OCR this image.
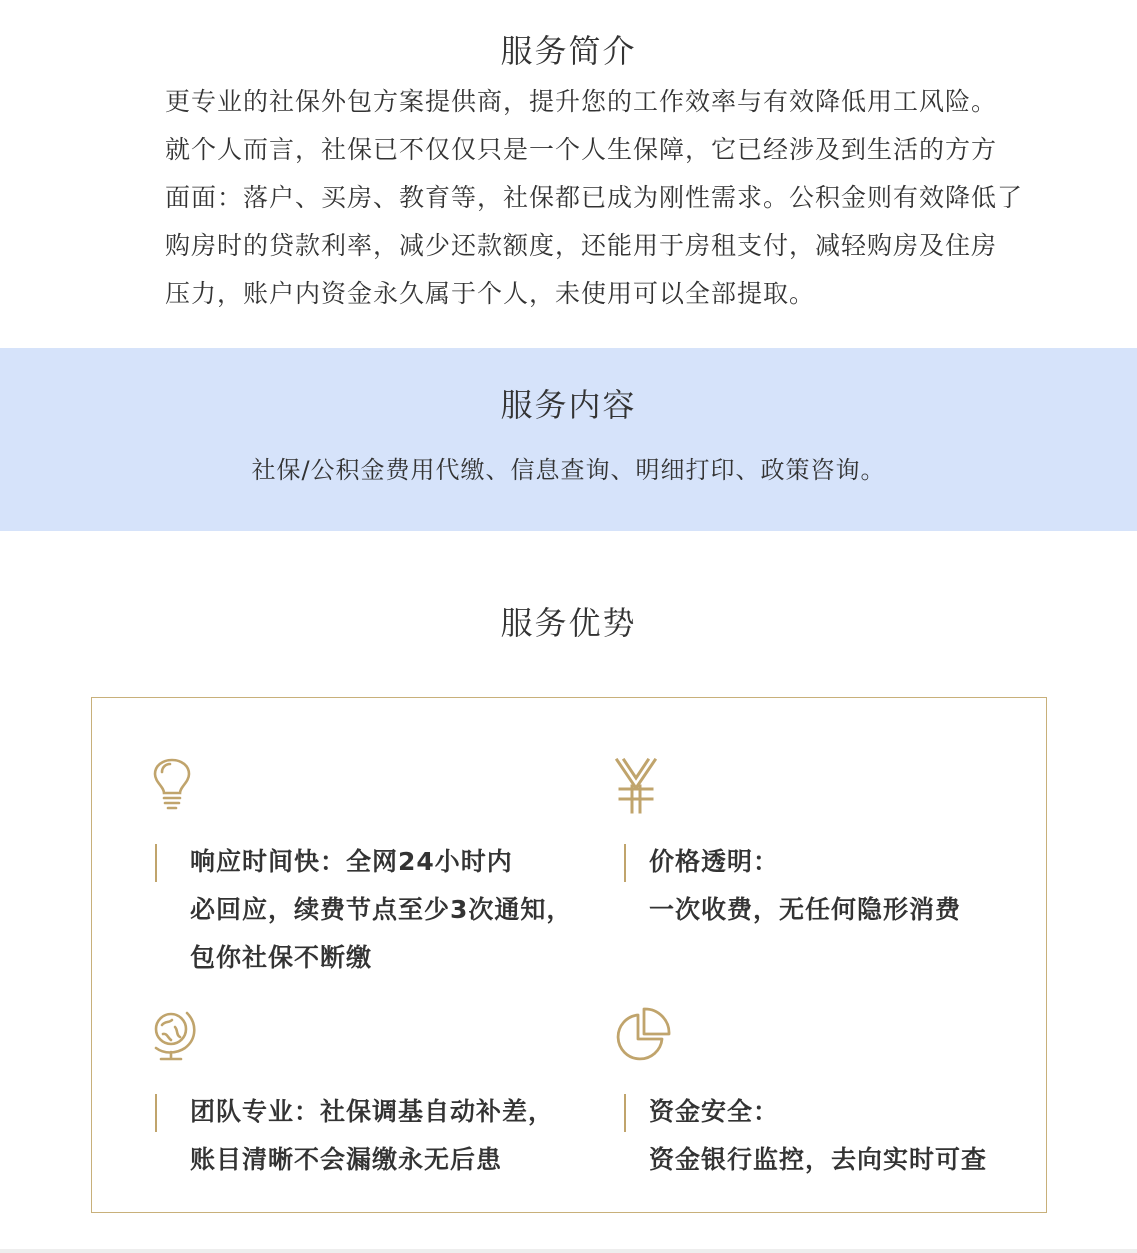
服务简介
更专业的社保外包方案提供商，提升您的工作效率与有效降低用工风险。
就个人而言，社保已不仅仅只是一个人生保障，它已经涉及到生活的方方
面面：落户、买房、教育等，社保都已成为刚性需求。公积金则有效降低了
购房时的贷款利率，减少还款额度，还能用于房租支付，减轻购房及住房
压力，账户内资金永久属于个人，未使用可以全部提取。
服务内容
社保/公积金费用代缴、信息查询、明细打印、政策咨询。
服务优势
响应时间快：全网24小时内
必回应，续费节点至少3次通知，
包你社保不断缴
价格透明：
一次收费，无任何隐形消费
团队专业：社保调基自动补差，
账目清晰不会漏缴永无后患
资金安全：
资金银行监控，去向实时可查
